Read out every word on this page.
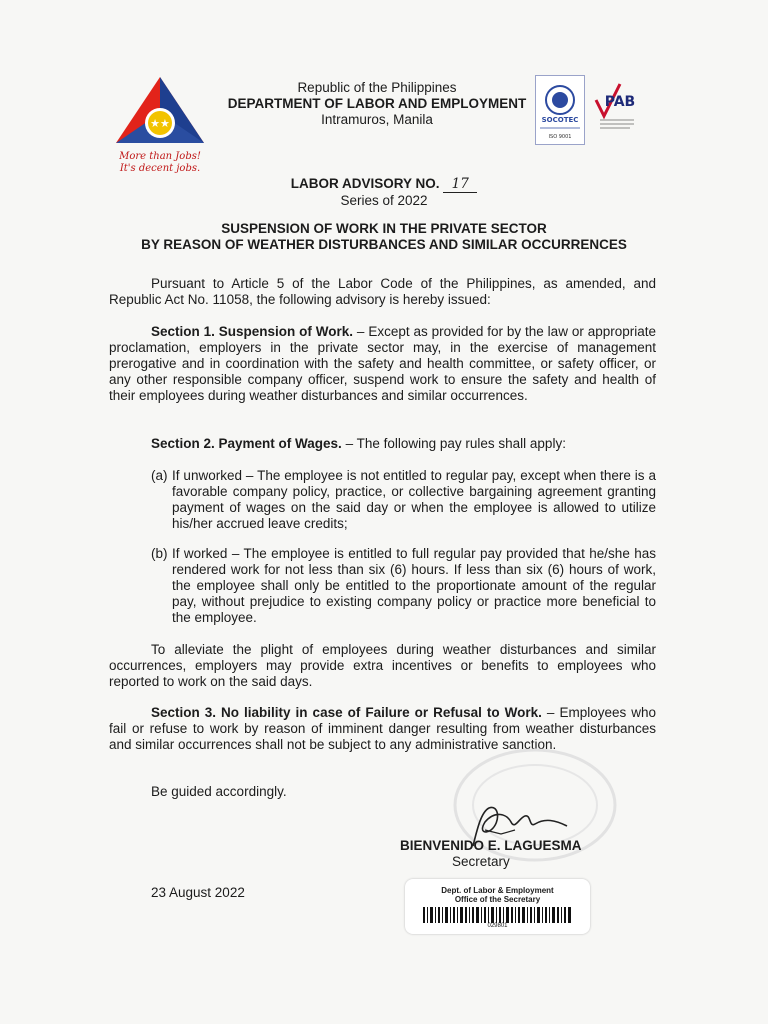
★★
More than Jobs!
It's decent jobs.
Republic of the Philippines
DEPARTMENT OF LABOR AND EMPLOYMENT
Intramuros, Manila	SOCOTEC
ISO 9001
PAB
LABOR ADVISORY NO. 17
Series of 2022
SUSPENSION OF WORK IN THE PRIVATE SECTOR
BY REASON OF WEATHER DISTURBANCES AND SIMILAR OCCURRENCES
Pursuant to Article 5 of the Labor Code of the Philippines, as amended, and Republic Act No. 11058, the following advisory is hereby issued:
Section 1. Suspension of Work. – Except as provided for by the law or appropriate proclamation, employers in the private sector may, in the exercise of management prerogative and in coordination with the safety and health committee, or safety officer, or any other responsible company officer, suspend work to ensure the safety and health of their employees during weather disturbances and similar occurrences.
Section 2. Payment of Wages. – The following pay rules shall apply:
(a) If unworked – The employee is not entitled to regular pay, except when there is a favorable company policy, practice, or collective bargaining agreement granting payment of wages on the said day or when the employee is allowed to utilize his/her accrued leave credits;
(b) If worked – The employee is entitled to full regular pay provided that he/she has rendered work for not less than six (6) hours. If less than six (6) hours of work, the employee shall only be entitled to the proportionate amount of the regular pay, without prejudice to existing company policy or practice more beneficial to the employee.
To alleviate the plight of employees during weather disturbances and similar occurrences, employers may provide extra incentives or benefits to employees who reported to work on the said days.
Section 3. No liability in case of Failure or Refusal to Work. – Employees who fail or refuse to work by reason of imminent danger resulting from weather disturbances and similar occurrences shall not be subject to any administrative sanction.
Be guided accordingly.
BIENVENIDO E. LAGUESMA
Secretary
23 August 2022	Dept. of Labor & Employment
Office of the Secretary
029801
